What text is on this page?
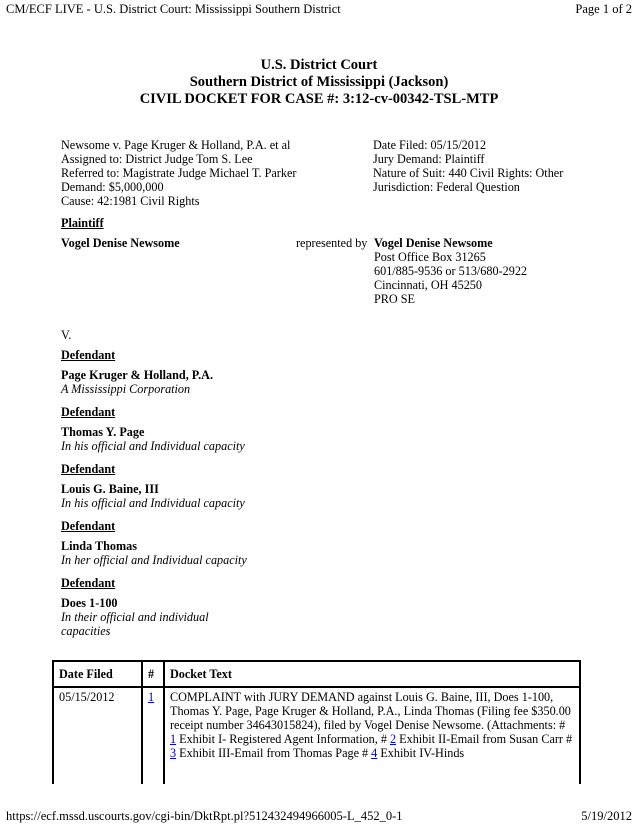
CM/ECF LIVE - U.S. District Court: Mississippi Southern District	Page 1 of 2
U.S. District Court
Southern District of Mississippi (Jackson)
CIVIL DOCKET FOR CASE #: 3:12-cv-00342-TSL-MTP
Newsome v. Page Kruger & Holland, P.A. et al
Assigned to: District Judge Tom S. Lee
Referred to: Magistrate Judge Michael T. Parker
Demand: $5,000,000
Cause: 42:1981 Civil Rights
Date Filed: 05/15/2012
Jury Demand: Plaintiff
Nature of Suit: 440 Civil Rights: Other
Jurisdiction: Federal Question
Plaintiff
Vogel Denise Newsome	represented by Vogel Denise Newsome
Post Office Box 31265
601/885-9536 or 513/680-2922
Cincinnati, OH 45250
PRO SE
V.
Defendant
Page Kruger & Holland, P.A.
A Mississippi Corporation
Defendant
Thomas Y. Page
In his official and Individual capacity
Defendant
Louis G. Baine, III
In his official and Individual capacity
Defendant
Linda Thomas
In her official and Individual capacity
Defendant
Does 1-100
In their official and individual
capacities
Date Filed	#	Docket Text
05/15/2012	1	COMPLAINT with JURY DEMAND against Louis G. Baine, III, Does 1-100, Thomas Y. Page, Page Kruger & Holland, P.A., Linda Thomas (Filing fee $350.00 receipt number 34643015824), filed by Vogel Denise Newsome. (Attachments: # 1 Exhibit I- Registered Agent Information, # 2 Exhibit II-Email from Susan Carr # 3 Exhibit III-Email from Thomas Page # 4 Exhibit IV-Hinds
https://ecf.mssd.uscourts.gov/cgi-bin/DktRpt.pl?512432494966005-L_452_0-1	5/19/2012
